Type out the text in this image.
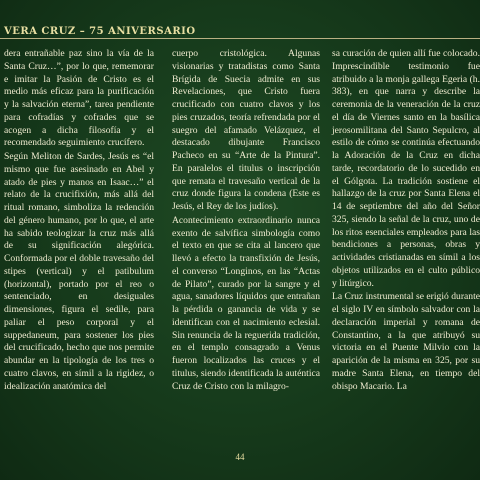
VERA CRUZ – 75 ANIVERSARIO

dera entrañable paz sino la vía de la Santa Cruz…”, por lo que, rememorar e imitar la Pasión de Cristo es el medio más eficaz para la purificación y la salvación eterna”, tarea pendiente para cofradías y cofrades que se acogen a dicha filosofía y el recomendado seguimiento crucífero.

Según Meliton de Sardes, Jesús es “el mismo que fue asesinado en Abel y atado de pies y manos en Isaac…” el relato de la crucifixión, más allá del ritual romano, simboliza la redención del género humano, por lo que, el arte ha sabido teologizar la cruz más allá de su significación alegórica. Conformada por el doble travesaño del stipes (vertical) y el patibulum (horizontal), portado por el reo o sentenciado, en desiguales dimensiones, figura el sedile, para paliar el peso corporal y el suppedaneum, para sostener los pies del crucificado, hecho que nos permite abundar en la tipología de los tres o cuatro clavos, en símil a la rigidez, o idealización anatómica del

cuerpo cristológica. Algunas visionarias y tratadistas como Santa Brígida de Suecia admite en sus Revelaciones, que Cristo fuera crucificado con cuatro clavos y los pies cruzados, teoría refrendada por el suegro del afamado Velázquez, el destacado dibujante Francisco Pacheco en su “Arte de la Pintura”. En paralelos el titulus o inscripción que remata el travesaño vertical de la cruz donde figura la condena (Este es Jesús, el Rey de los judíos).

Acontecimiento extraordinario nunca exento de salvífica simbología como el texto en que se cita al lancero que llevó a efecto la transfixión de Jesús, el converso “Longinos, en las “Actas de Pilato”, curado por la sangre y el agua, sanadores líquidos que entrañan la pérdida o ganancia de vida y se identifican con el nacimiento eclesial. Sin renuncia de la reguerida tradición, en el templo consagrado a Venus fueron localizados las cruces y el titulus, siendo identificada la auténtica Cruz de Cristo con la milagro-

sa curación de quien allí fue colocado. Imprescindible testimonio fue atribuido a la monja gallega Egeria (h. 383), en que narra y describe la ceremonia de la veneración de la cruz el día de Viernes santo en la basílica jerosomilitana del Santo Sepulcro, al estilo de cómo se continúa efectuando la Adoración de la Cruz en dicha tarde, recordatorio de lo sucedido en el Gólgota. La tradición sostiene el hallazgo de la cruz por Santa Elena el 14 de septiembre del año del Señor 325, siendo la señal de la cruz, uno de los ritos esenciales empleados para las bendiciones a personas, obras y actividades cristianadas en símil a los objetos utilizados en el culto público y litúrgico.

La Cruz instrumental se erigió durante el siglo IV en símbolo salvador con la declaración imperial y romana de Constantino, a la que atribuyó su victoria en el Puente Milvio con la aparición de la misma en 325, por su madre Santa Elena, en tiempo del obispo Macario. La

44
